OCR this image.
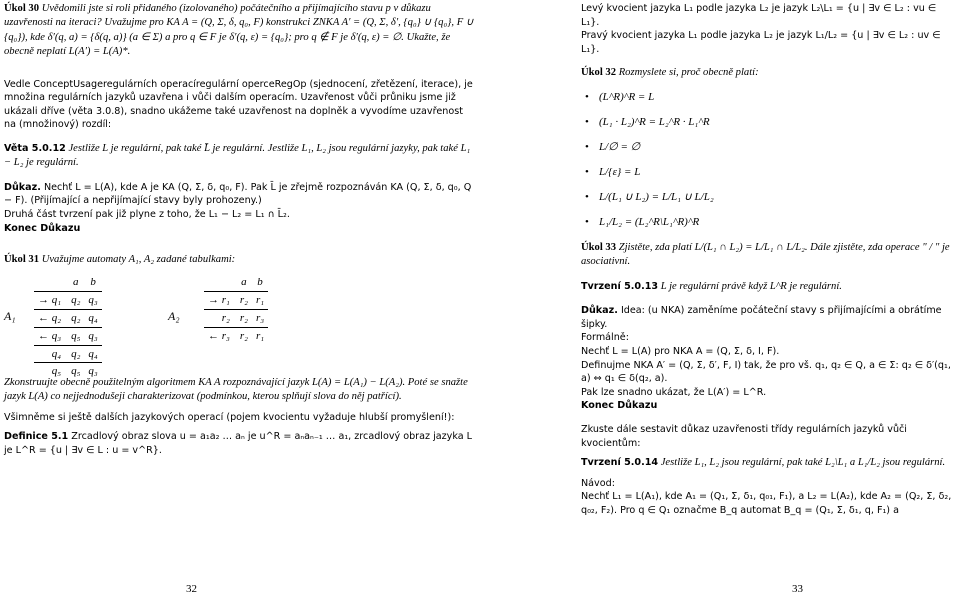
Úkol 30 Uvědomili jste si roli přidaného (izolovaného) počátečního a přijímajícího stavu p v důkazu uzavřenosti na iteraci? Uvažujme pro KA A = (Q, Σ, δ, q₀, F) konstrukci ZNKA A′ = (Q, Σ, δ′, {q₀} ∪ {q₀}, F ∪ {q₀}), kde δ′(q, a) = {δ(q, a)} (a ∈ Σ) a pro q ∈ F je δ′(q, ε) = {q₀}; pro q ∉ F je δ′(q, ε) = ∅. Ukažte, že obecně neplatí L(A′) = L(A)*.

Vedle ConceptUsageregulárních operacíregulární operceRegOp (sjednocení, zřetězení, iterace), je množina regulárních jazyků uzavřena i vůči dalším operacím. Uzavřenost vůči průniku jsme již ukázali dříve (věta 3.0.8), snadno ukážeme také uzavřenost na doplněk a vyvodíme uzavřenost na (množinový) rozdíl:

Věta 5.0.12 Jestliže L je regulární, pak také L̄ je regulární. Jestliže L₁, L₂ jsou regulární jazyky, pak také L₁ − L₂ je regulární.

Důkaz. Nechť L = L(A), kde A je KA (Q, Σ, δ, q₀, F). Pak L̄ je zřejmě rozpoznáván KA (Q, Σ, δ, q₀, Q − F). (Přijímající a nepřijímající stavy byly prohozeny.)

Druhá část tvrzení pak již plyne z toho, že L₁ − L₂ = L₁ ∩ L̄₂.

Konec Důkazu

Úkol 31 Uvažujme automaty A₁, A₂ zadané tabulkami:

A₁
	a	b
→ q₁	q₂	q₃
← q₂	q₂	q₄
← q₃	q₅	q₃
q₄	q₂	q₄
q₅	q₅	q₃
A₂
	a	b
→ r₁	r₂	r₁
r₂	r₂	r₃
← r₃	r₂	r₁

Zkonstruujte obecně použitelným algoritmem KA A rozpoznávající jazyk L(A) = L(A₁) − L(A₂). Poté se snažte jazyk L(A) co nejjednodušeji charakterizovat (podmínkou, kterou splňují slova do něj patřící).

Všimněme si ještě dalších jazykových operací (pojem kvocientu vyžaduje hlubší promyšlení!):

Definice 5.1 Zrcadlový obraz slova u = a₁a₂ … aₙ je u^R = aₙaₙ₋₁ … a₁, zrcadlový obraz jazyka L je L^R = {u | ∃v ∈ L : u = v^R}.

32

Levý kvocient jazyka L₁ podle jazyka L₂ je jazyk L₂\L₁ = {u | ∃v ∈ L₂ : vu ∈ L₁}.

Pravý kvocient jazyka L₁ podle jazyka L₂ je jazyk L₁/L₂ = {u | ∃v ∈ L₂ : uv ∈ L₁}.

Úkol 32 Rozmyslete si, proč obecně platí:

• (L^R)^R = L
• (L₁ · L₂)^R = L₂^R · L₁^R
• L/∅ = ∅
• L/{ε} = L
• L/(L₁ ∪ L₂) = L/L₁ ∪ L/L₂
• L₁/L₂ = (L₂^R\L₁^R)^R

Úkol 33 Zjistěte, zda platí L/(L₁ ∩ L₂) = L/L₁ ∩ L/L₂. Dále zjistěte, zda operace " / " je asociativní.

Tvrzení 5.0.13 L je regulární právě když L^R je regulární.

Důkaz. Idea: (u NKA) zaměníme počáteční stavy s přijímajícími a obrátíme šipky.

Formálně:

Nechť L = L(A) pro NKA A = (Q, Σ, δ, I, F).

Definujme NKA A′ = (Q, Σ, δ′, F, I) tak, že pro vš. q₁, q₂ ∈ Q, a ∈ Σ: q₂ ∈ δ′(q₁, a) ⇔ q₁ ∈ δ(q₂, a).

Pak lze snadno ukázat, že L(A′) = L^R.

Konec Důkazu

Zkuste dále sestavit důkaz uzavřenosti třídy regulárních jazyků vůči kvocientům:

Tvrzení 5.0.14 Jestliže L₁, L₂ jsou regulární, pak také L₂\L₁ a L₁/L₂ jsou regulární.

Návod:

Nechť L₁ = L(A₁), kde A₁ = (Q₁, Σ, δ₁, q₀₁, F₁), a L₂ = L(A₂), kde A₂ = (Q₂, Σ, δ₂, q₀₂, F₂). Pro q ∈ Q₁ označme B_q automat B_q = (Q₁, Σ, δ₁, q, F₁) a

33
